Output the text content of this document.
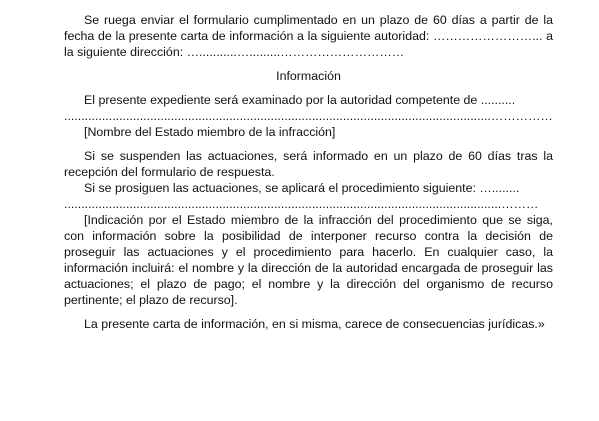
Se ruega enviar el formulario cumplimentado en un plazo de 60 días a partir de la fecha de la presente carta de información a la siguiente autoridad: ……………………... a la siguiente dirección: …...........….........…………………………

Información

El presente expediente será examinado por la autoridad competente de ..........

............................................................................................................................……………

[Nombre del Estado miembro de la infracción]

Si se suspenden las actuaciones, será informado en un plazo de 60 días tras la recepción del formulario de respuesta.

Si se prosiguen las actuaciones, se aplicará el procedimiento siguiente: …........

...............................................................................................................................………

[Indicación por el Estado miembro de la infracción del procedimiento que se siga, con información sobre la posibilidad de interponer recurso contra la decisión de proseguir las actuaciones y el procedimiento para hacerlo. En cualquier caso, la información incluirá: el nombre y la dirección de la autoridad encargada de proseguir las actuaciones; el plazo de pago; el nombre y la dirección del organismo de recurso pertinente; el plazo de recurso].

La presente carta de información, en si misma, carece de consecuencias jurídicas.»
